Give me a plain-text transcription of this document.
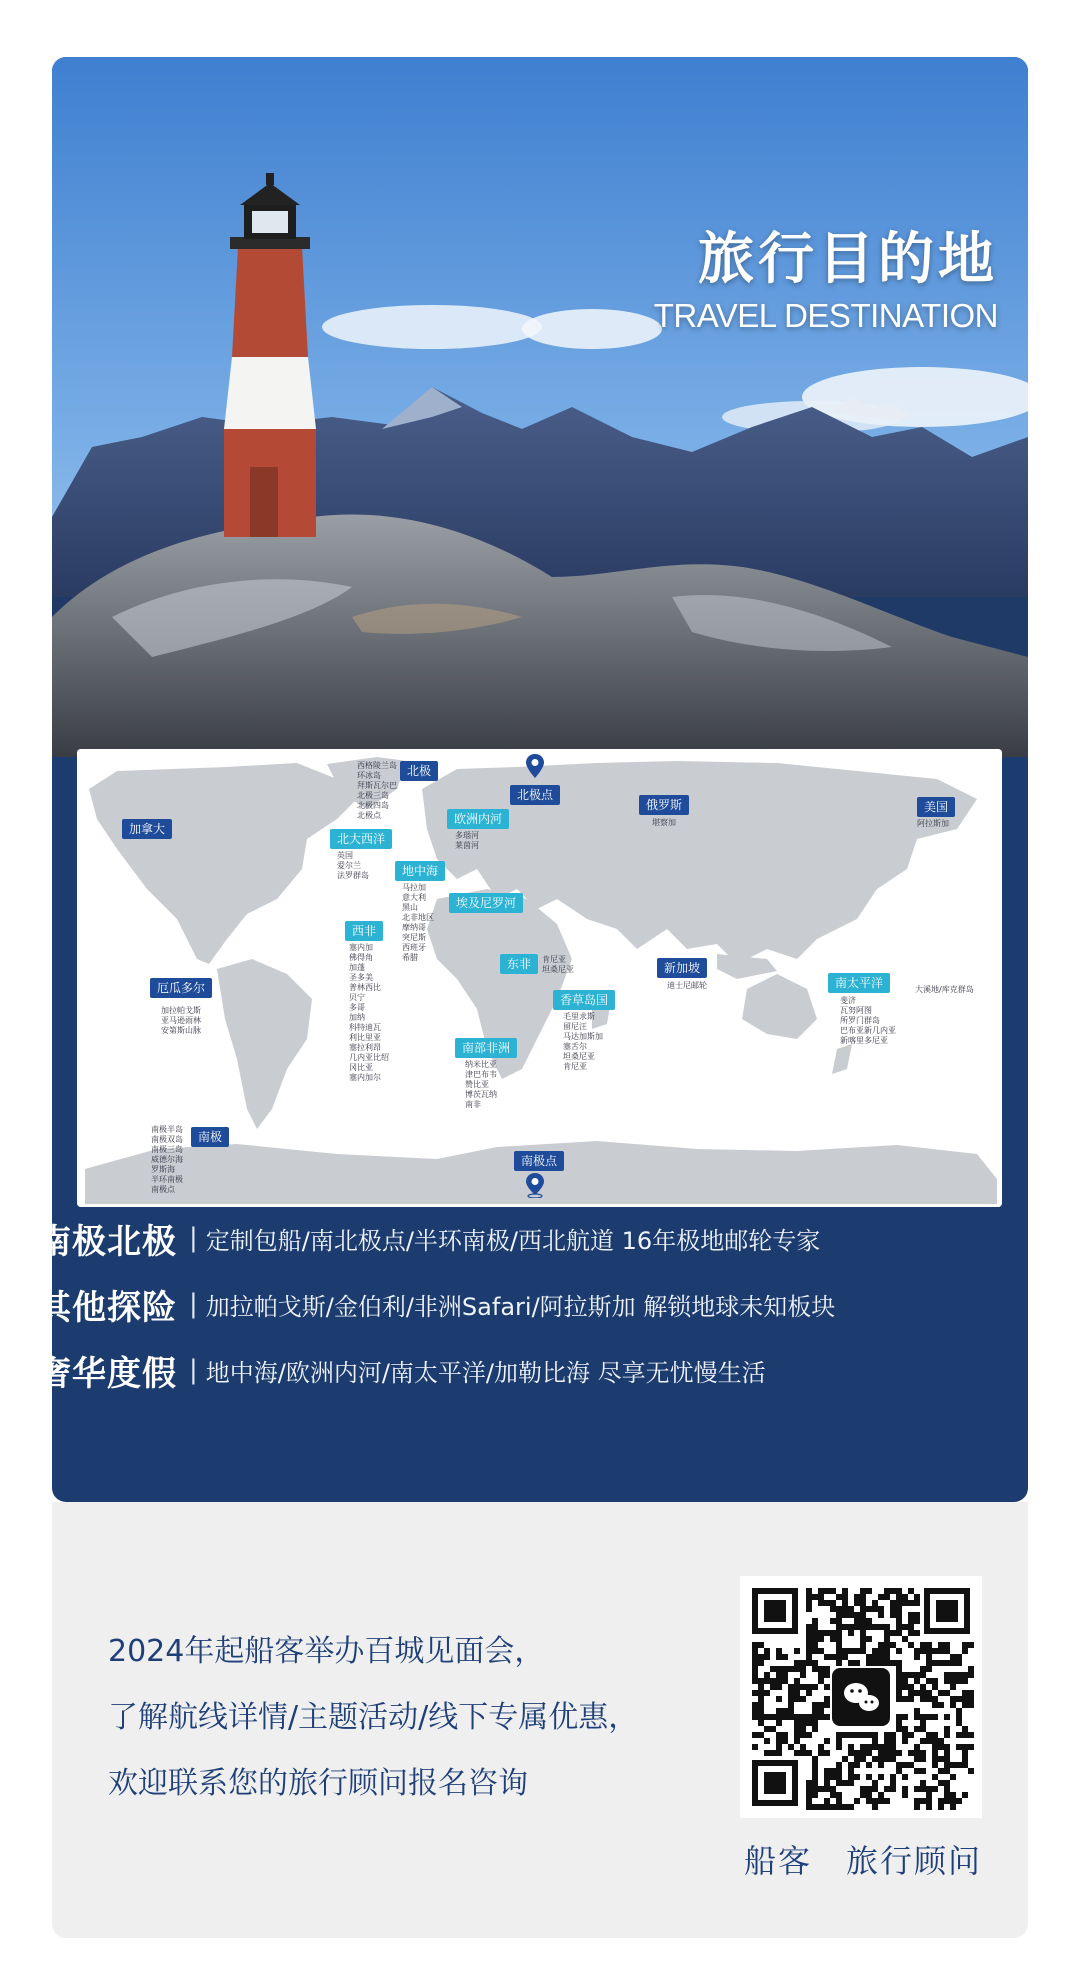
旅行目的地
TRAVEL DESTINATION
北极
北极点
加拿大
北大西洋
欧洲内河
俄罗斯	美国
地中海
埃及尼罗河
西非
东非	新加坡
南太平洋
厄瓜多尔
香草岛国
南部非洲
南极
南极点
西格陵兰岛
环冰岛
拜斯瓦尔巴
北极三岛
北极四岛
北极点
英国
爱尔兰
法罗群岛
多瑙河
莱茵河
马拉加
意大利
黑山
北非地区
摩纳哥
突尼斯
西班牙
希腊
塞内加
佛得角
加蓬
圣多美
普林西比
贝宁
多哥
加纳
科特迪瓦
利比里亚
塞拉利昂
几内亚比绍
冈比亚
塞内加尔
肯尼亚
坦桑尼亚
堪察加	阿拉斯加
迪士尼邮轮	大溪地/库克群岛
斐济
瓦努阿图
所罗门群岛
巴布亚新几内亚
新喀里多尼亚
加拉帕戈斯
亚马逊雨林
安第斯山脉
毛里求斯
留尼汪
马达加斯加
塞舌尔
坦桑尼亚
肯尼亚
纳米比亚
津巴布韦
赞比亚
博茨瓦纳
南非
南极半岛
南极双岛
南极三岛
威德尔海
罗斯海
半环南极
南极点
南极北极 | 定制包船/南北极点/半环南极/西北航道 16年极地邮轮专家
其他探险 | 加拉帕戈斯/金伯利/非洲Safari/阿拉斯加 解锁地球未知板块
奢华度假 | 地中海/欧洲内河/南太平洋/加勒比海 尽享无忧慢生活
2024年起船客举办百城见面会，
了解航线详情/主题活动/线下专属优惠，
欢迎联系您的旅行顾问报名咨询
船客 旅行顾问
